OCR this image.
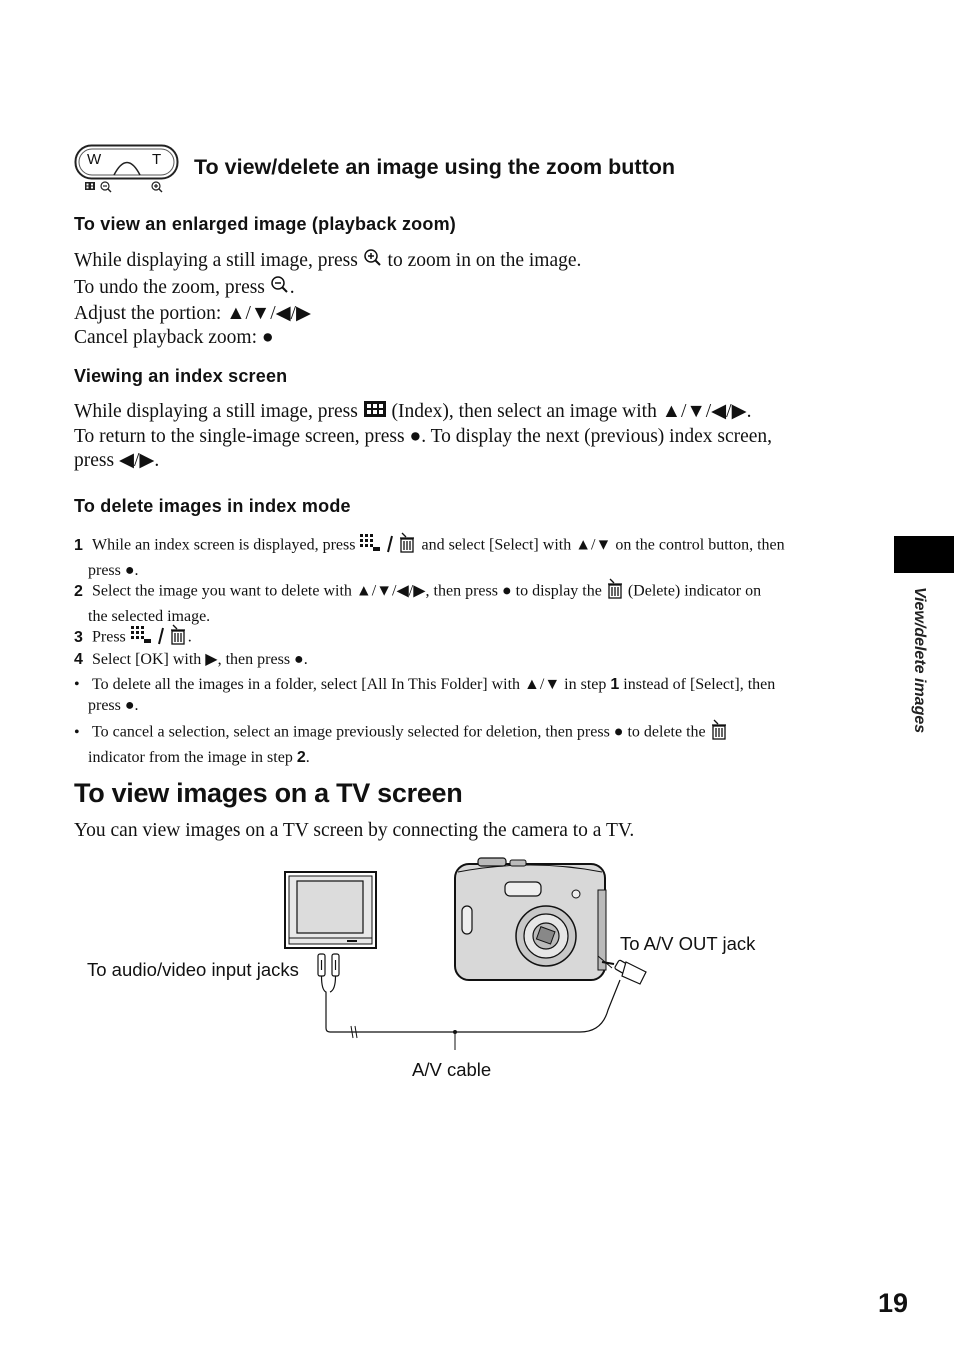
W	T To view/delete an image using the zoom button
To view an enlarged image (playback zoom)
While displaying a still image, press to zoom in on the image.
To undo the zoom, press .
Adjust the portion: ▲/▼/◀/▶
Cancel playback zoom: ●
Viewing an index screen
While displaying a still image, press (Index), then select an image with ▲/▼/◀/▶.
To return to the single-image screen, press ●. To display the next (previous) index screen,
press ◀/▶.
To delete images in index mode
1 While an index screen is displayed, press	and select [Select] with ▲/▼ on the control button, then
press ●.
2 Select the image you want to delete with ▲/▼/◀/▶, then press ● to display the (Delete) indicator on
the selected image.
3 Press	.
4 Select [OK] with ▶, then press ●.
• To delete all the images in a folder, select [All In This Folder] with ▲/▼ in step 1 instead of [Select], then
press ●.
• To cancel a selection, select an image previously selected for deletion, then press ● to delete the
indicator from the image in step 2.
To view images on a TV screen
You can view images on a TV screen by connecting the camera to a TV.
To audio/video input jacks
To A/V OUT jack
A/V cable
View/delete images
19
